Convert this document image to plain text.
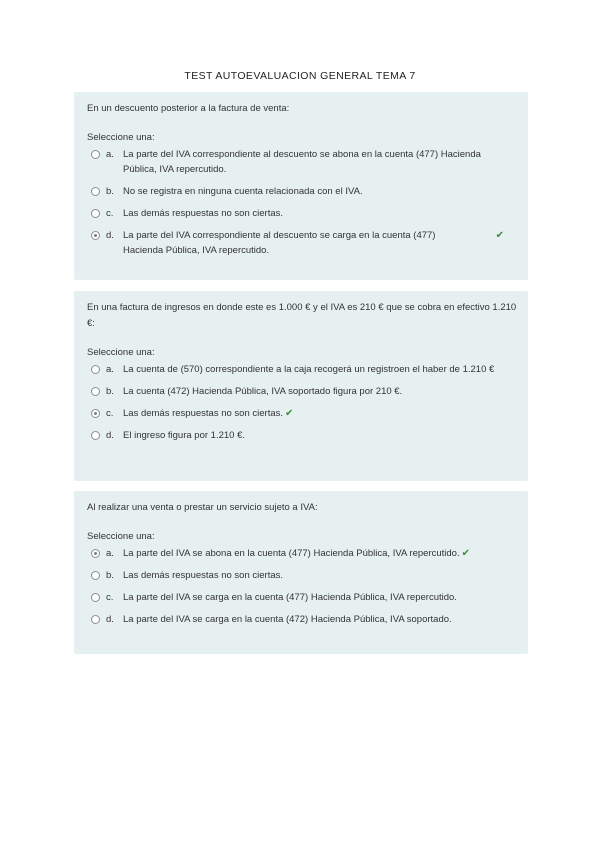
TEST AUTOEVALUACION GENERAL TEMA 7
En un descuento posterior a la factura de venta:
Seleccione una:
a. La parte del IVA correspondiente al descuento se abona en la cuenta (477) Hacienda Pública, IVA repercutido.
b. No se registra en ninguna cuenta relacionada con el IVA.
c.	Las demás respuestas no son ciertas.
d. La parte del IVA correspondiente al descuento se carga en la cuenta (477) Hacienda Pública, IVA repercutido.
✔
En una factura de ingresos en donde este es 1.000 € y el IVA es 210 € que se cobra en efectivo 1.210 €:
Seleccione una:
a. La cuenta de (570) correspondiente a la caja recogerá un registroen el haber de 1.210 €
b. La cuenta (472) Hacienda Pública, IVA soportado figura por 210 €.
c.	Las demás respuestas no son ciertas. ✔
d. El ingreso figura por 1.210 €.
Al realizar una venta o prestar un servicio sujeto a IVA:
Seleccione una:
a. La parte del IVA se abona en la cuenta (477) Hacienda Pública, IVA repercutido. ✔
b. Las demás respuestas no son ciertas.
c.	La parte del IVA se carga en la cuenta (477) Hacienda Pública, IVA repercutido.
d. La parte del IVA se carga en la cuenta (472) Hacienda Pública, IVA soportado.
